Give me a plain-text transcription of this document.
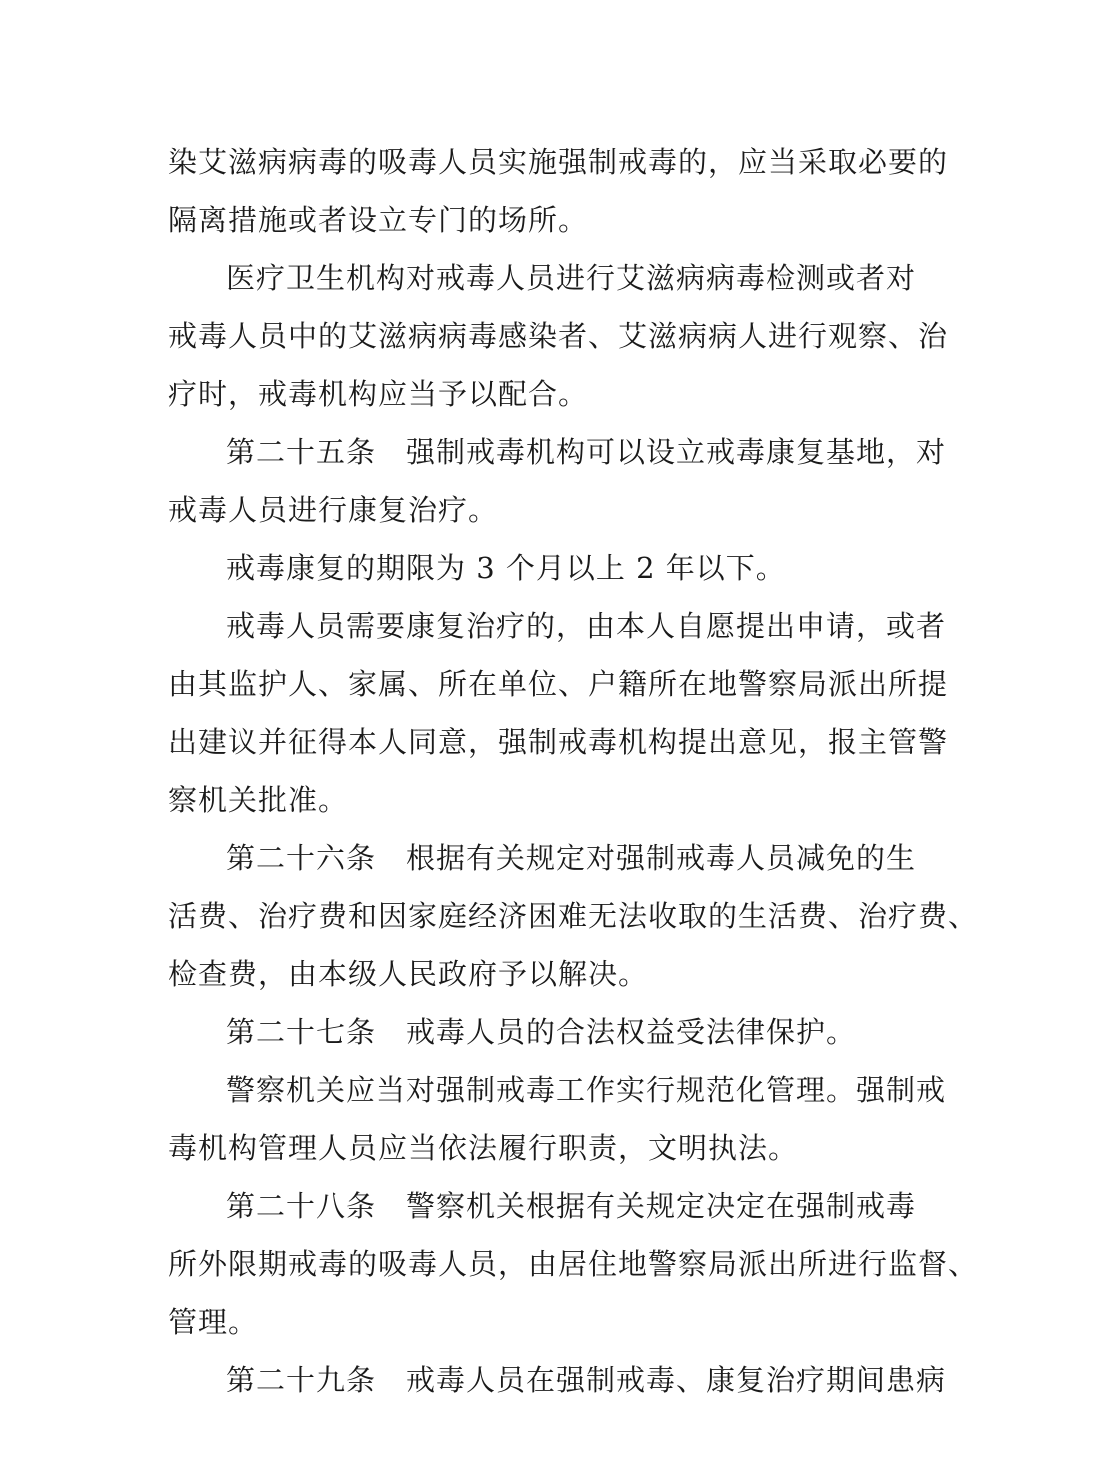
染艾滋病病毒的吸毒人员实施强制戒毒的，应当采取必要的
隔离措施或者设立专门的场所。
医疗卫生机构对戒毒人员进行艾滋病病毒检测或者对
戒毒人员中的艾滋病病毒感染者、艾滋病病人进行观察、治
疗时，戒毒机构应当予以配合。
第二十五条　强制戒毒机构可以设立戒毒康复基地，对
戒毒人员进行康复治疗。
戒毒康复的期限为 3 个月以上 2 年以下。
戒毒人员需要康复治疗的，由本人自愿提出申请，或者
由其监护人、家属、所在单位、户籍所在地警察局派出所提
出建议并征得本人同意，强制戒毒机构提出意见，报主管警
察机关批准。
第二十六条　根据有关规定对强制戒毒人员减免的生
活费、治疗费和因家庭经济困难无法收取的生活费、治疗费、
检查费，由本级人民政府予以解决。
第二十七条　戒毒人员的合法权益受法律保护。
警察机关应当对强制戒毒工作实行规范化管理。强制戒
毒机构管理人员应当依法履行职责，文明执法。
第二十八条　警察机关根据有关规定决定在强制戒毒
所外限期戒毒的吸毒人员，由居住地警察局派出所进行监督、
管理。
第二十九条　戒毒人员在强制戒毒、康复治疗期间患病
